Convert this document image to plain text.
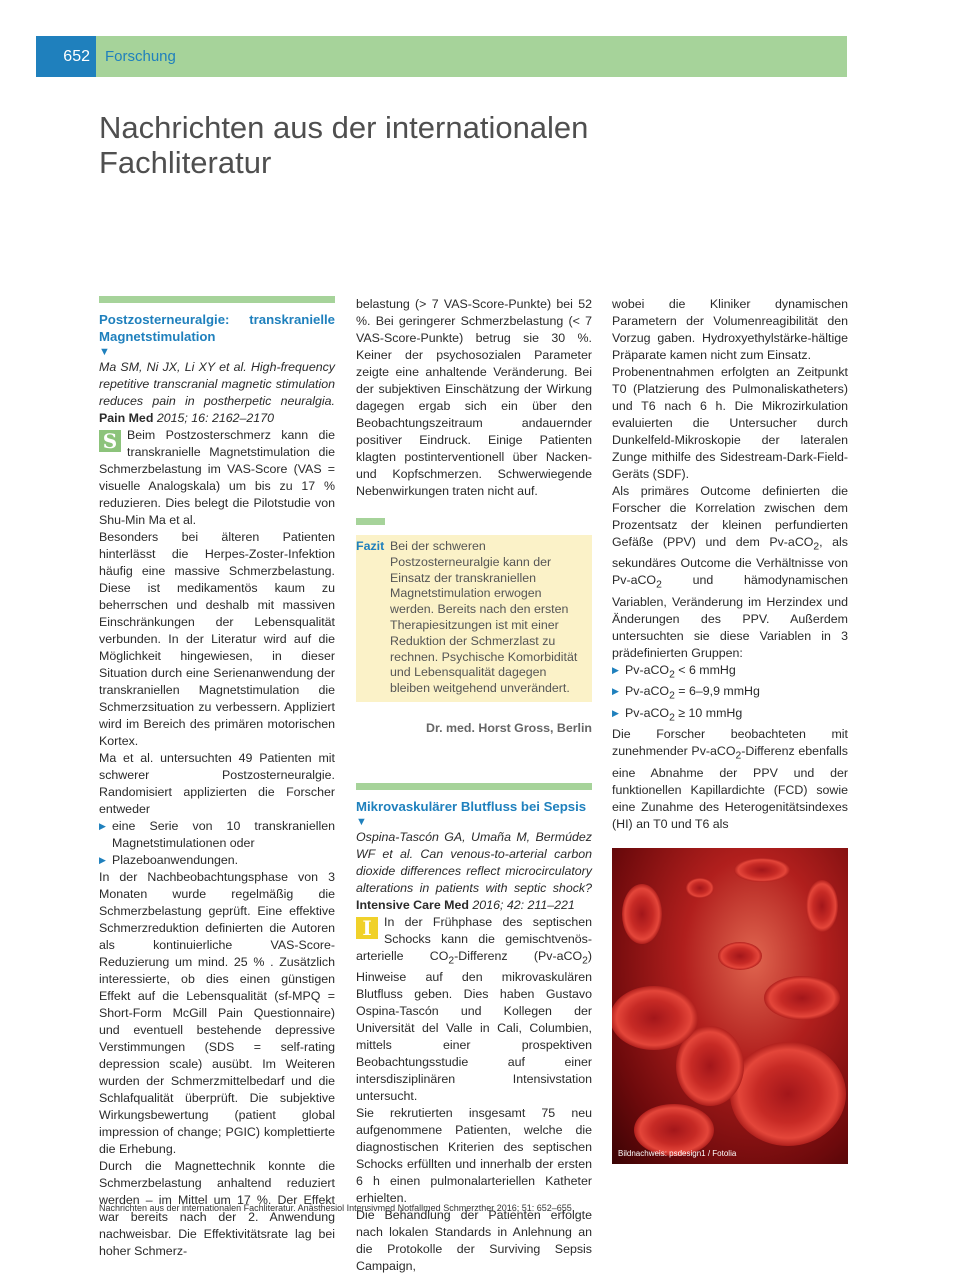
652	Forschung
Nachrichten aus der internationalen
Fachliteratur

Postzosterneuralgie: transkranielle Magnetstimulation

▼

Ma SM, Ni JX, Li XY et al. High-frequency repetitive transcranial magnetic stimulation reduces pain in postherpetic neuralgia. Pain Med 2015; 16: 2162–2170

S Beim Postzosterschmerz kann die transkranielle Magnetstimulation die Schmerzbelastung im VAS-Score (VAS = visuelle Analogskala) um bis zu 17 % reduzieren. Dies belegt die Pilotstudie von Shu-Min Ma et al.

Besonders bei älteren Patienten hinterlässt die Herpes-Zoster-Infektion häufig eine massive Schmerzbelastung. Diese ist medikamentös kaum zu beherrschen und deshalb mit massiven Einschränkungen der Lebensqualität verbunden. In der Literatur wird auf die Möglichkeit hingewiesen, in dieser Situation durch eine Serienanwendung der transkraniellen Magnetstimulation die Schmerzsituation zu verbessern. Appliziert wird im Bereich des primären motorischen Kortex.

Ma et al. untersuchten 49 Patienten mit schwerer Postzosterneuralgie. Randomisiert applizierten die Forscher entweder

▶ eine Serie von 10 transkraniellen Magnetstimulationen oder
▶ Plazeboanwendungen.

In der Nachbeobachtungsphase von 3 Monaten wurde regelmäßig die Schmerzbelastung geprüft. Eine effektive Schmerzreduktion definierten die Autoren als kontinuierliche VAS-Score-Reduzierung um mind. 25 % . Zusätzlich interessierte, ob dies einen günstigen Effekt auf die Lebensqualität (sf-MPQ = Short-Form McGill Pain Questionnaire) und eventuell bestehende depressive Verstimmungen (SDS = self-rating depression scale) ausübt. Im Weiteren wurden der Schmerzmittelbedarf und die Schlafqualität überprüft. Die subjektive Wirkungsbewertung (patient global impression of change; PGIC) komplettierte die Erhebung.

Durch die Magnettechnik konnte die Schmerzbelastung anhaltend reduziert werden – im Mittel um 17 %. Der Effekt war bereits nach der 2. Anwendung nachweisbar. Die Effektivitätsrate lag bei hoher Schmerz-

belastung (> 7 VAS-Score-Punkte) bei 52 %. Bei geringerer Schmerzbelastung (< 7 VAS-Score-Punkte) betrug sie 30 %. Keiner der psychosozialen Parameter zeigte eine anhaltende Veränderung. Bei der subjektiven Einschätzung der Wirkung dagegen ergab sich ein über den Beobachtungszeitraum andauernder positiver Eindruck. Einige Patienten klagten postinterventionell über Nacken- und Kopfschmerzen. Schwerwiegende Nebenwirkungen traten nicht auf.

Fazit Bei der schweren Postzosterneuralgie kann der Einsatz der transkraniellen Magnetstimulation erwogen werden. Bereits nach den ersten Therapiesitzungen ist mit einer Reduktion der Schmerzlast zu rechnen. Psychische Komorbidität und Lebensqualität dagegen bleiben weitgehend unverändert.
Dr. med. Horst Gross, Berlin

Mikrovaskulärer Blutfluss bei Sepsis

▼

Ospina-Tascón GA, Umaña M, Bermúdez WF et al. Can venous-to-arterial carbon dioxide differences reflect microcirculatory alterations in patients with septic shock? Intensive Care Med 2016; 42: 211–221

I In der Frühphase des septischen Schocks kann die gemischtvenös-arterielle $CO_2$-Differenz (Pv-aCO$_2$) Hinweise auf den mikrovaskulären Blutfluss geben. Dies haben Gustavo Ospina-Tascón und Kollegen der Universität del Valle in Cali, Columbien, mittels einer prospektiven Beobachtungsstudie auf einer intersdisziplinären Intensivstation untersucht.

Sie rekrutierten insgesamt 75 neu aufgenommene Patienten, welche die diagnostischen Kriterien des septischen Schocks erfüllten und innerhalb der ersten 6 h einen pulmonalarteriellen Katheter erhielten.

Die Behandlung der Patienten erfolgte nach lokalen Standards in Anlehnung an die Protokolle der Surviving Sepsis Campaign,

wobei die Kliniker dynamischen Parametern der Volumenreagibilität den Vorzug gaben. Hydroxyethylstärke-hältige Präparate kamen nicht zum Einsatz.

Probenentnahmen erfolgten an Zeitpunkt T0 (Platzierung des Pulmonaliskatheters) und T6 nach 6 h. Die Mikrozirkulation evaluierten die Untersucher durch Dunkelfeld-Mikroskopie der lateralen Zunge mithilfe des Sidestream-Dark-Field-Geräts (SDF).

Als primäres Outcome definierten die Forscher die Korrelation zwischen dem Prozentsatz der kleinen perfundierten Gefäße (PPV) und dem Pv-aCO$_2$, als sekundäres Outcome die Verhältnisse von Pv-aCO$_2$ und hämodynamischen Variablen, Veränderung im Herzindex und Änderungen des PPV. Außerdem untersuchten sie diese Variablen in 3 prädefinierten Gruppen:

▶ Pv-aCO$_2$ < 6 mmHg
▶ Pv-aCO$_2$ = 6–9,9 mmHg
▶ Pv-aCO$_2$ ≥ 10 mmHg

Die Forscher beobachteten mit zunehmender Pv-aCO$_2$-Differenz ebenfalls eine Abnahme der PPV und der funktionellen Kapillardichte (FCD) sowie eine Zunahme des Heterogenitätsindexes (HI) an T0 und T6 als

Bildnachweis: psdesign1 / Fotolia
Nachrichten aus der internationalen Fachliteratur. Anästhesiol Intensivmed Notfallmed Schmerzther 2016; 51: 652–655
